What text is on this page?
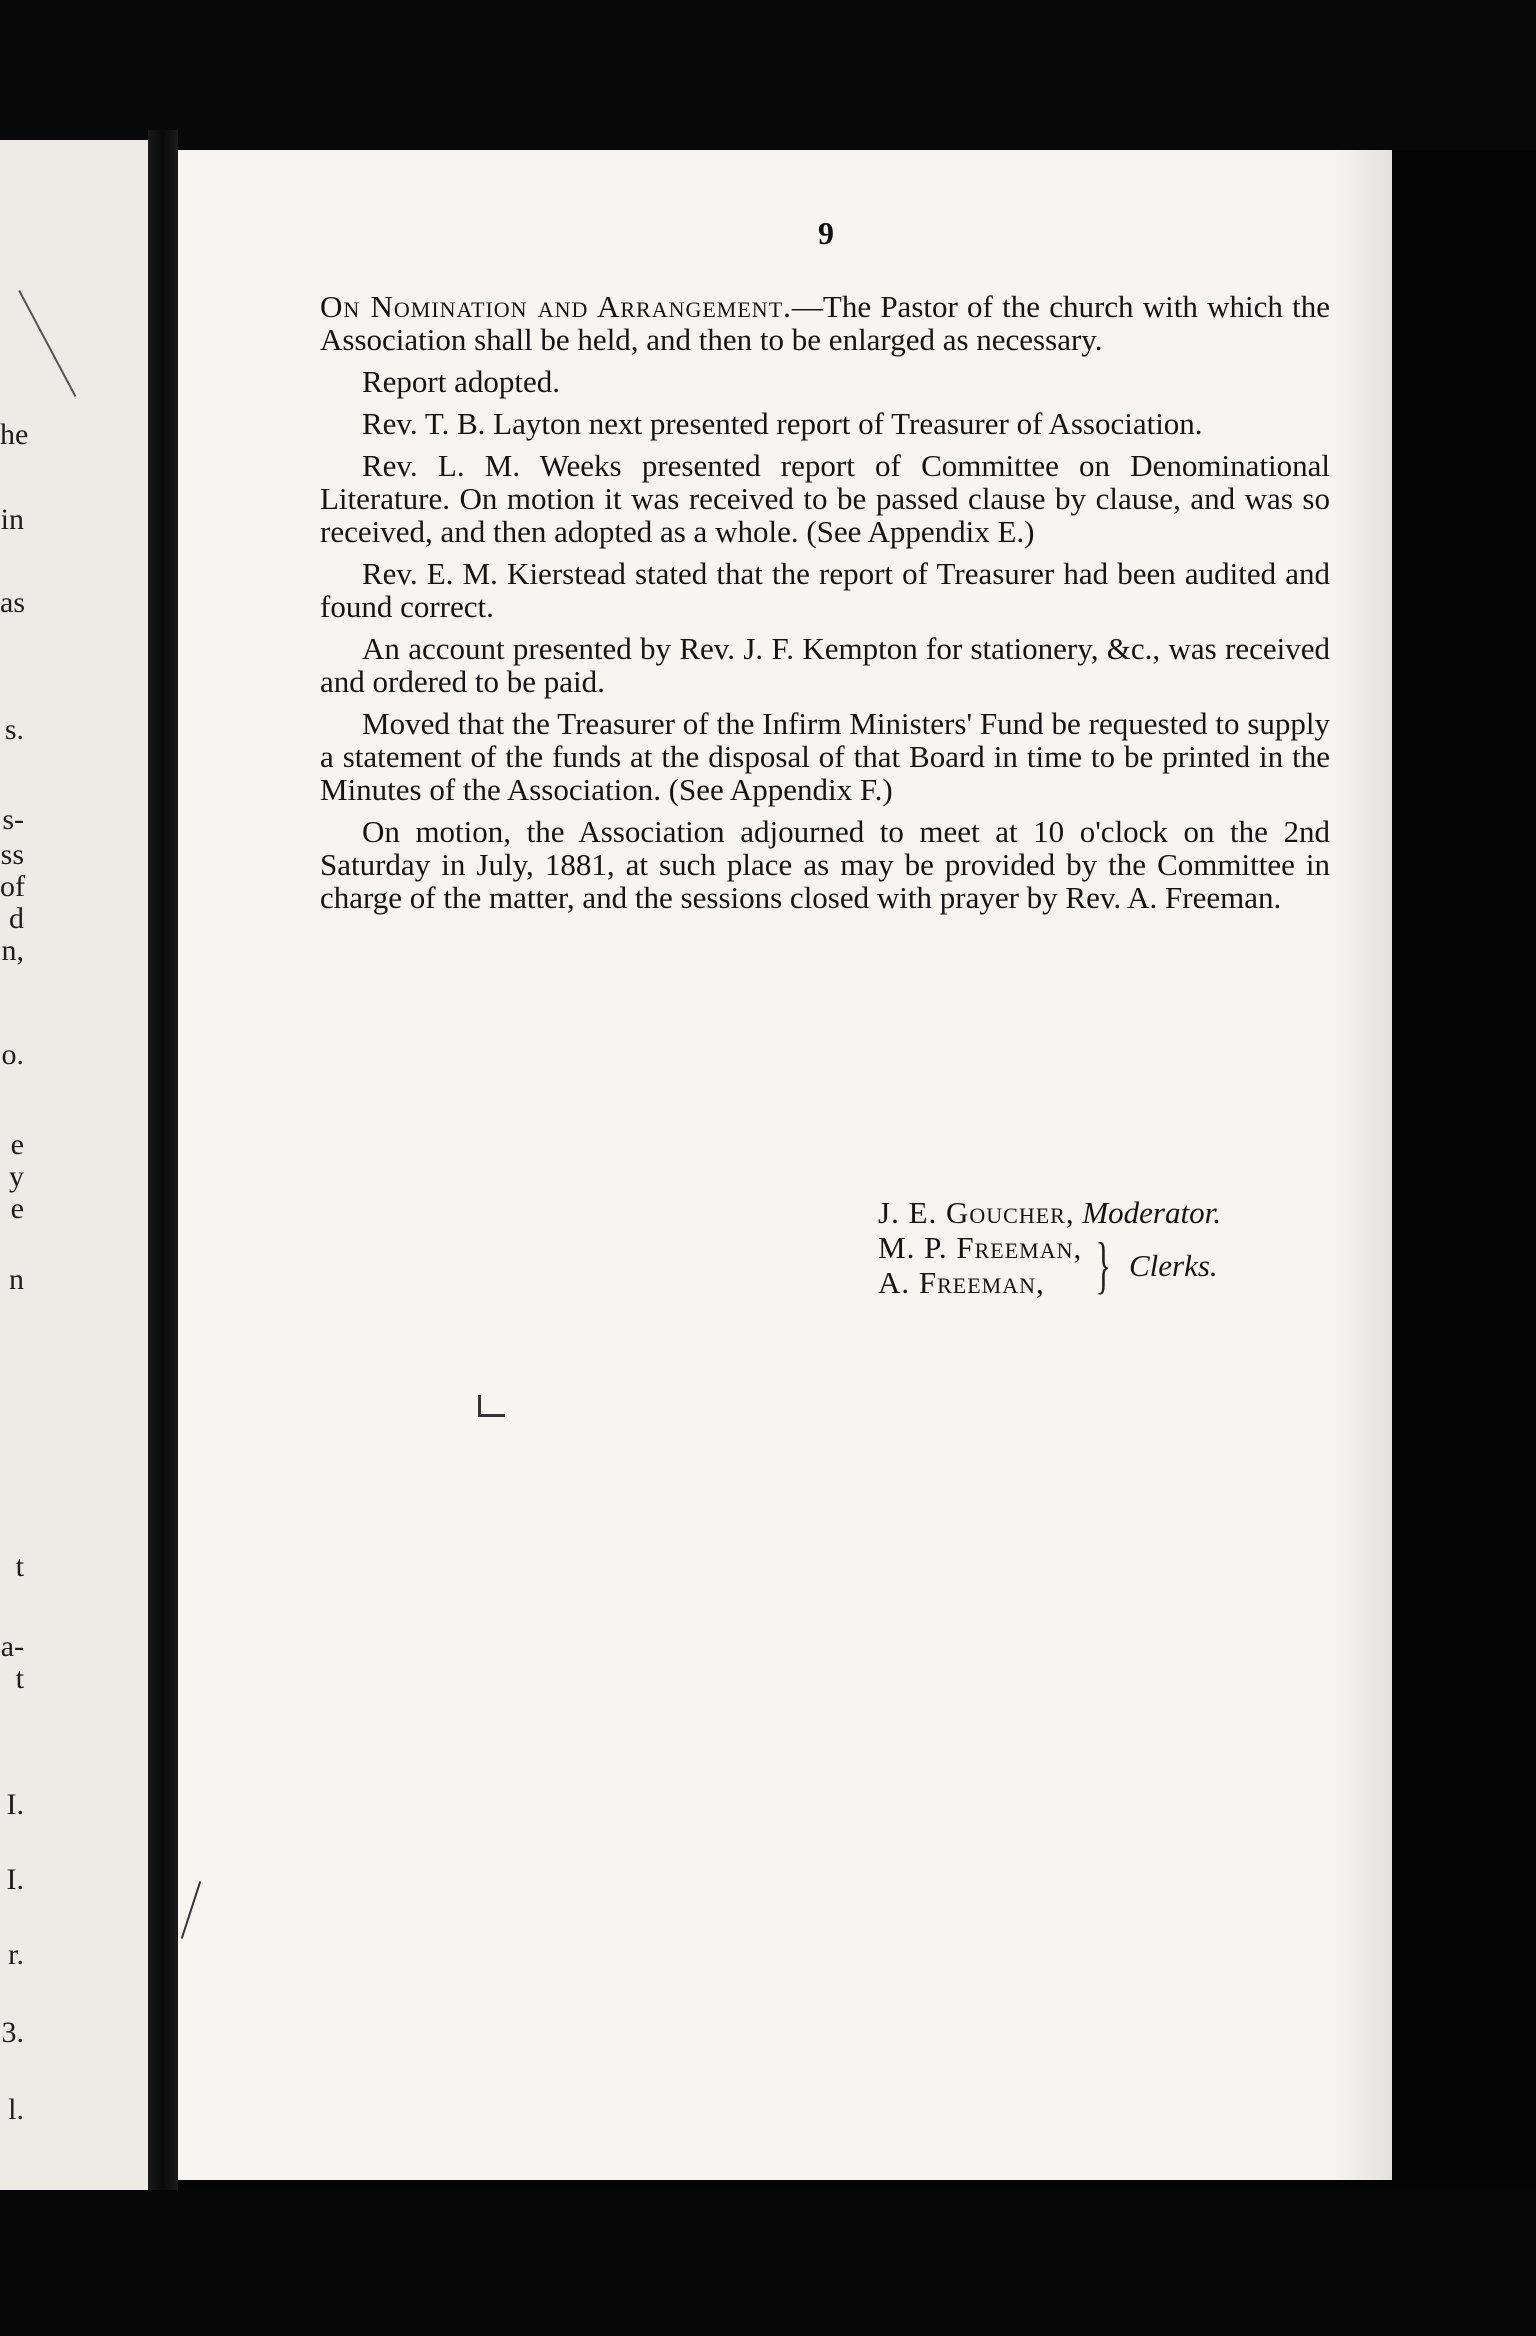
he
in
as
s.
s-
ss
of
d
n,
o.
e
y
e
n
t
a-
t
I.
I.
r.
3.
l.
9

On Nomination and Arrangement.—The Pastor of the church with which the Association shall be held, and then to be enlarged as necessary.

Report adopted.

Rev. T. B. Layton next presented report of Treasurer of Association.

Rev. L. M. Weeks presented report of Committee on Denominational Literature. On motion it was received to be passed clause by clause, and was so received, and then adopted as a whole. (See Appendix E.)

Rev. E. M. Kierstead stated that the report of Treasurer had been audited and found correct.

An account presented by Rev. J. F. Kempton for stationery, &c., was received and ordered to be paid.

Moved that the Treasurer of the Infirm Ministers' Fund be requested to supply a statement of the funds at the disposal of that Board in time to be printed in the Minutes of the Association. (See Appendix F.)

On motion, the Association adjourned to meet at 10 o'clock on the 2nd Saturday in July, 1881, at such place as may be provided by the Committee in charge of the matter, and the sessions closed with prayer by Rev. A. Freeman.

J. E. Goucher, Moderator.
M. P. Freeman,
A. Freeman, } Clerks.
